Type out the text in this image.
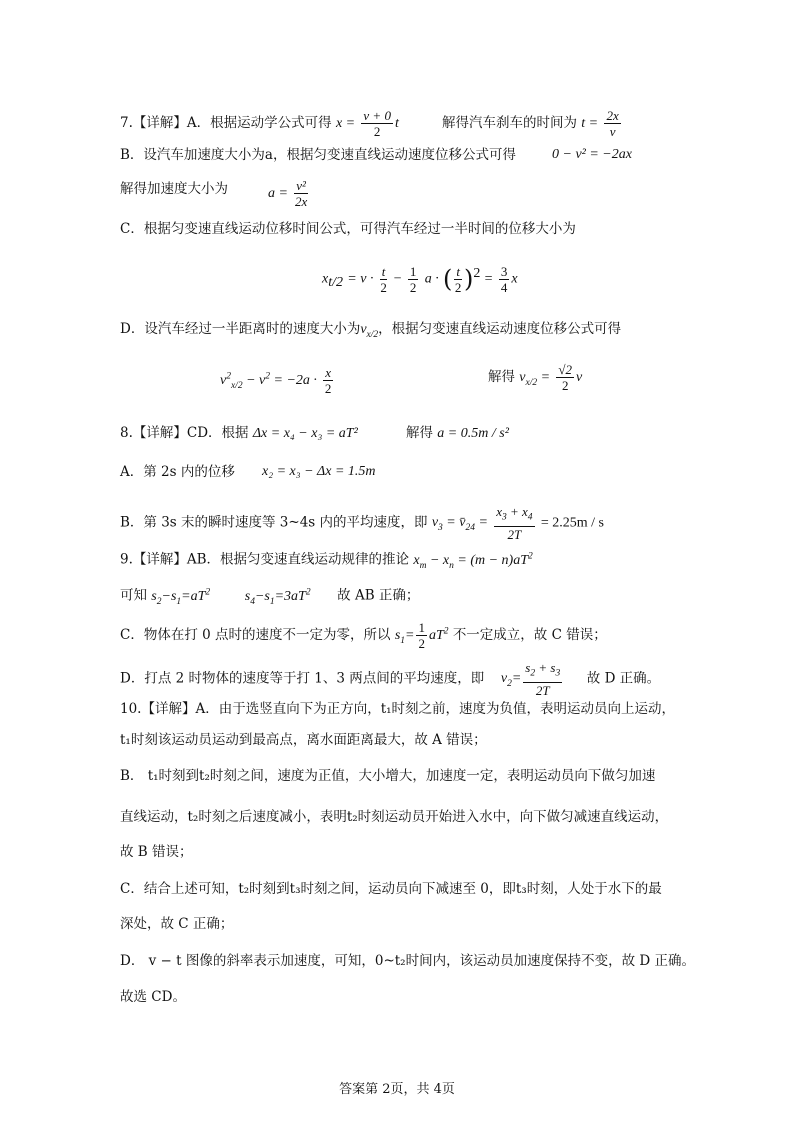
7.【详解】A．根据运动学公式可得 $x = \frac{v + 0}{2}$ t	解得汽车刹车的时间为 $t = \frac{2x}{v}$
B．设汽车加速度大小为a，根据匀变速直线运动速度位移公式可得	0 − v² = −2ax
解得加速度大小为	$a = \frac{\text{v²}}{2x}$
C．根据匀变速直线运动位移时间公式，可得汽车经过一半时间的位移大小为
$x_{t/2} = v \cdot \frac{t}{2} - \frac{1}{2}$ a · ( $\frac{t}{2} )^2 = \frac{3}{4}$ x
D．设汽车经过一半距离时的速度大小为$v_{x/2}$，根据匀变速直线运动速度位移公式可得
$v^2_{x/2} - v^2 = -2a \cdot \frac{x}{2}$	解得 $v_{x/2} = \frac{√2}{2}$ v
8.【详解】CD．根据 Δx = x₄ − x₃ = aT²	解得 a = 0.5m / s²
A．第 2s 内的位移 x₂ = x₃ − Δx = 1.5m
B．第 3s 末的瞬时速度等 3~4s 内的平均速度，即 $v_3$ = $v̄_{24} = \frac{x_3 + x_4}{2T} = 2.25m / s$
9.【详解】AB．根据匀变速直线运动规律的推论 $x_m - x_n = (m - n)aT^2$
可知 $s_2-s_1=aT^2$ $s_4-s_1=3aT^2$ 故 AB 正确；
C．物体在打 0 点时的速度不一定为零，所以 $s_1= \frac{1}{2} aT^2$ 不一定成立，故 C 错误；
D．打点 2 时物体的速度等于打 1、3 两点间的平均速度，即 $v_2= \frac{s_2 + s_3}{2T}$ 故 D 正确。
10.【详解】A．由于选竖直向下为正方向，t₁时刻之前，速度为负值，表明运动员向上运动，
t₁时刻该运动员运动到最高点，离水面距离最大，故 A 错误；
B． t₁时刻到t₂时刻之间，速度为正值，大小增大，加速度一定，表明运动员向下做匀加速
直线运动，t₂时刻之后速度减小，表明t₂时刻运动员开始进入水中，向下做匀减速直线运动，
故 B 错误；
C．结合上述可知，t₂时刻到t₃时刻之间，运动员向下减速至 0，即t₃时刻，人处于水下的最
深处，故 C 正确；
D． v − t 图像的斜率表示加速度，可知，0~t₂时间内，该运动员加速度保持不变，故 D 正确。
故选 CD。
答案第 2页，共 4页
